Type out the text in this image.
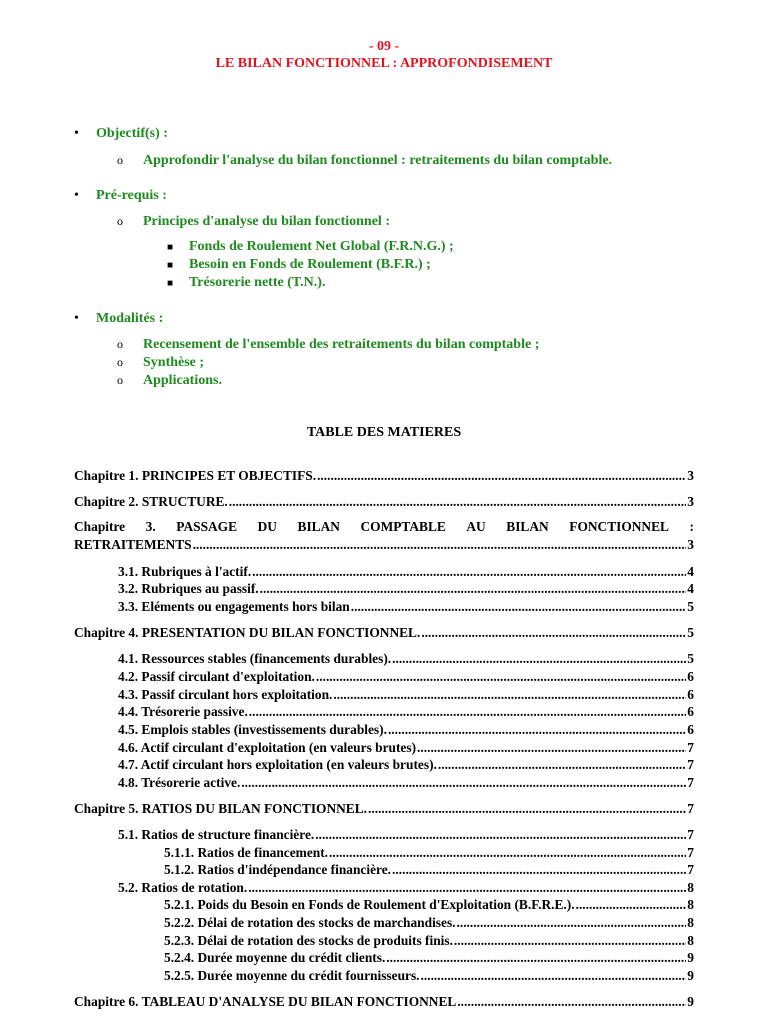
- 09 -
LE BILAN FONCTIONNEL : APPROFONDISEMENT
• Objectif(s) :
o Approfondir l'analyse du bilan fonctionnel : retraitements du bilan comptable.
• Pré-requis :
o Principes d'analyse du bilan fonctionnel :
■ Fonds de Roulement Net Global (F.R.N.G.) ;
■ Besoin en Fonds de Roulement (B.F.R.) ;
■ Trésorerie nette (T.N.).
• Modalités :
o Recensement de l'ensemble des retraitements du bilan comptable ;
o Synthèse ;
o Applications.
TABLE DES MATIERES
Chapitre 1. PRINCIPES ET OBJECTIFS. .....	3
Chapitre 2. STRUCTURE. .....	3
Chapitre 3. PASSAGE DU BILAN COMPTABLE AU BILAN FONCTIONNEL :
RETRAITEMENTS .....	3
3.1. Rubriques à l'actif. .....	4
3.2. Rubriques au passif. .....	4
3.3. Eléments ou engagements hors bilan .....	5
Chapitre 4. PRESENTATION DU BILAN FONCTIONNEL. .....	5
4.1. Ressources stables (financements durables). .....	5
4.2. Passif circulant d'exploitation. .....	6
4.3. Passif circulant hors exploitation. .....	6
4.4. Trésorerie passive. .....	6
4.5. Emplois stables (investissements durables). .....	6
4.6. Actif circulant d'exploitation (en valeurs brutes) .....	7
4.7. Actif circulant hors exploitation (en valeurs brutes). .....	7
4.8. Trésorerie active. .....	7
Chapitre 5. RATIOS DU BILAN FONCTIONNEL. .....	7
5.1. Ratios de structure financière. .....	7
5.1.1. Ratios de financement. .....	7
5.1.2. Ratios d'indépendance financière. .....	7
5.2. Ratios de rotation. .....	8
5.2.1. Poids du Besoin en Fonds de Roulement d'Exploitation (B.F.R.E.). .....	8
5.2.2. Délai de rotation des stocks de marchandises. .....	8
5.2.3. Délai de rotation des stocks de produits finis. .....	8
5.2.4. Durée moyenne du crédit clients. .....	9
5.2.5. Durée moyenne du crédit fournisseurs. .....	9
Chapitre 6. TABLEAU D'ANALYSE DU BILAN FONCTIONNEL .....	9
